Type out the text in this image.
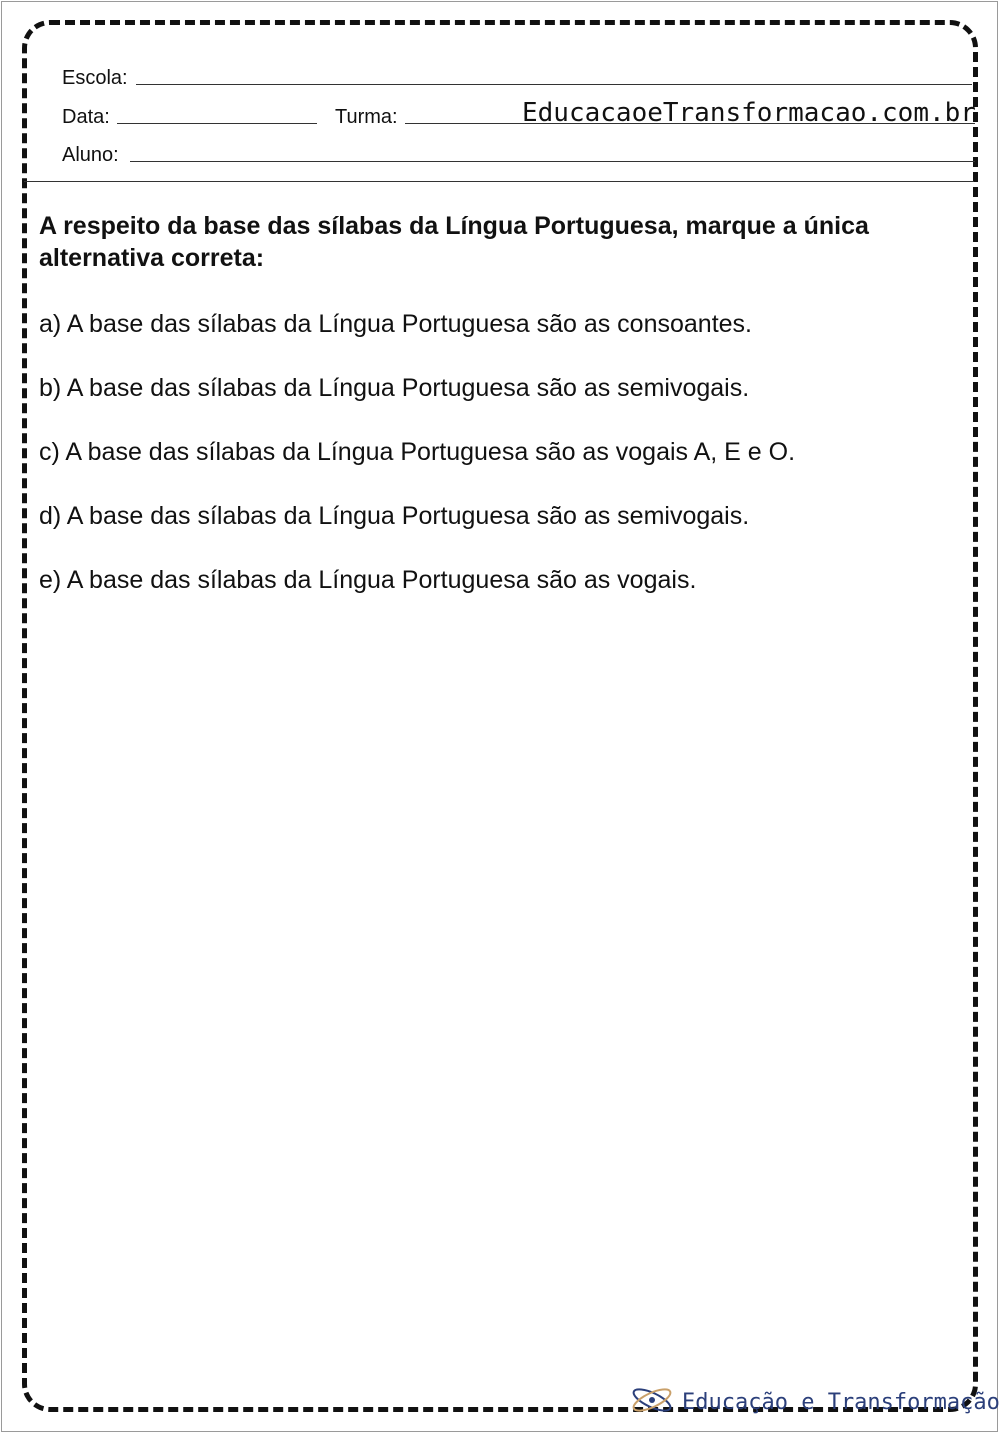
Escola:
Data:	Turma:	EducacaoeTransformacao.com.br
Aluno:
A respeito da base das sílabas da Língua Portuguesa, marque a única alternativa correta:
a) A base das sílabas da Língua Portuguesa são as consoantes.
b) A base das sílabas da Língua Portuguesa são as semivogais.
c) A base das sílabas da Língua Portuguesa são as vogais A, E e O.
d) A base das sílabas da Língua Portuguesa são as semivogais.
e) A base das sílabas da Língua Portuguesa são as vogais.
Educação e Transformação
